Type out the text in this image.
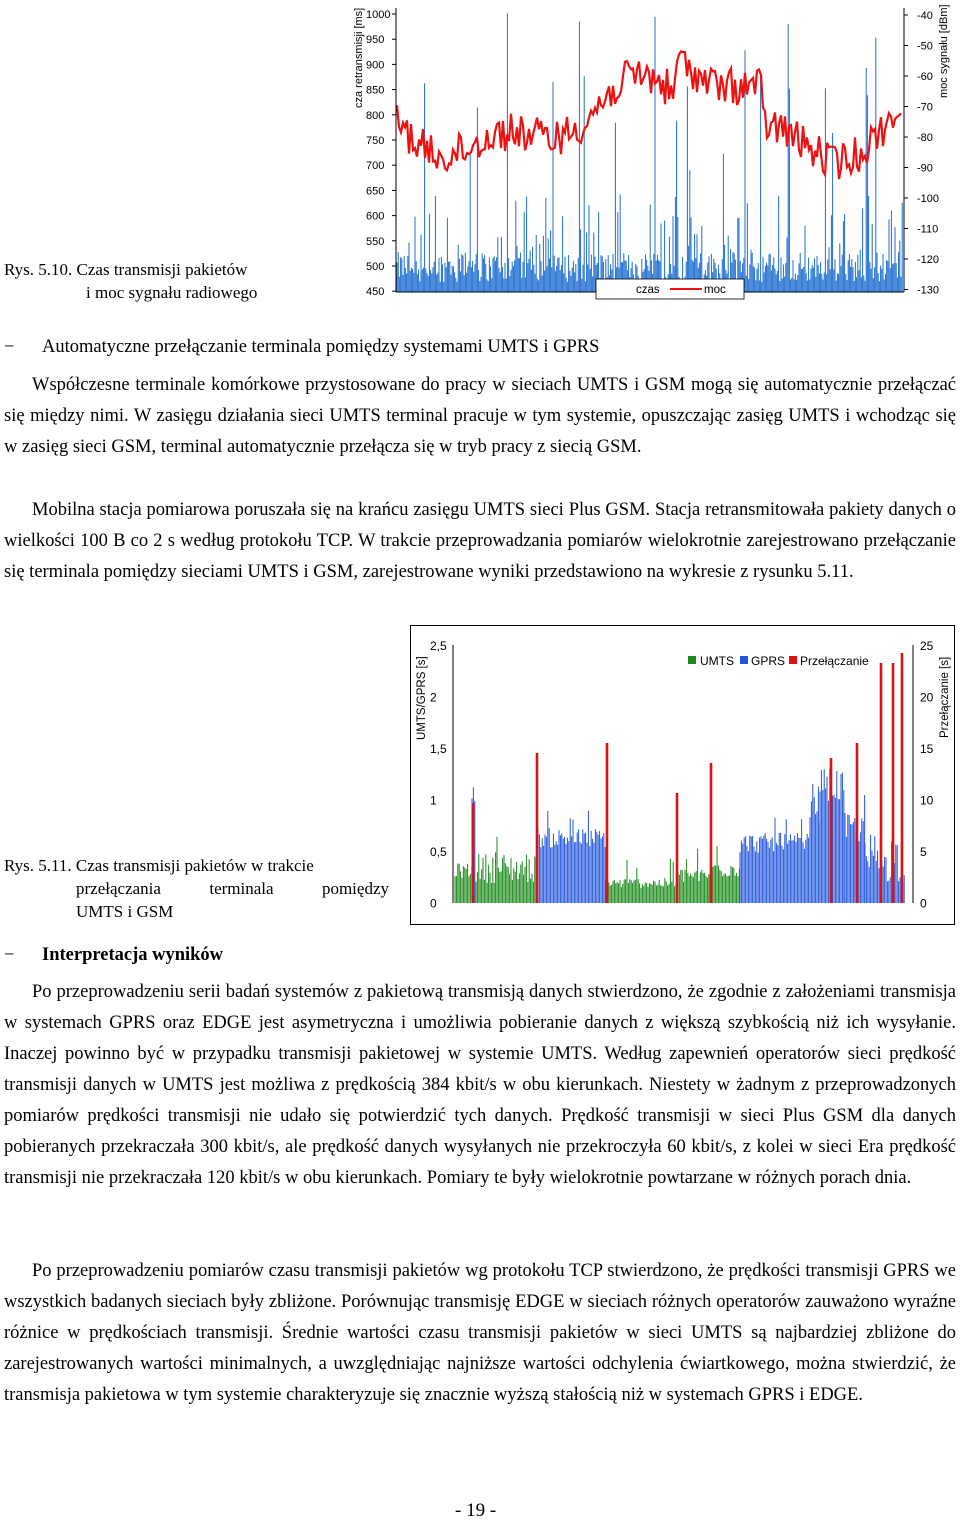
Rys. 5.10. Czas transmisji pakietów
i moc sygnału radiowego
cza retransmisji [ms] 1000
950
900
850
800
750
700
650
600
550
500
450
-40
-50
-60
-70
-80
-90
-100
-110
-120
-130
moc sygnału [dBm]
czas	moc
− Automatyczne przełączanie terminala pomiędzy systemami UMTS i GPRS
Współczesne terminale komórkowe przystosowane do pracy w sieciach UMTS i GSM mogą się automatycznie przełączać się między nimi. W zasięgu działania sieci UMTS terminal pracuje w tym systemie, opuszczając zasięg UMTS i wchodząc się w zasięg sieci GSM, terminal automatycznie przełącza się w tryb pracy z siecią GSM.
Mobilna stacja pomiarowa poruszała się na krańcu zasięgu UMTS sieci Plus GSM. Stacja retransmitowała pakiety danych o wielkości 100 B co 2 s według protokołu TCP. W trakcie przeprowadzania pomiarów wielokrotnie zarejestrowano przełączanie się terminala pomiędzy sieciami UMTS i GSM, zarejestrowane wyniki przedstawiono na wykresie z rysunku 5.11.
Rys. 5.11. Czas transmisji pakietów w trakcie
przełączania terminala pomiędzy
UMTS i GSM
UMTS/GPRS [s]	Przełączanie [s]
2,5
2
1,5
1
0,5
0
25
20
15
10
5
0
UMTS GPRS Przełączanie
− Interpretacja wyników
Po przeprowadzeniu serii badań systemów z pakietową transmisją danych stwierdzono, że zgodnie z założeniami transmisja w systemach GPRS oraz EDGE jest asymetryczna i umożliwia pobieranie danych z większą szybkością niż ich wysyłanie. Inaczej powinno być w przypadku transmisji pakietowej w systemie UMTS. Według zapewnień operatorów sieci prędkość transmisji danych w UMTS jest możliwa z prędkością 384 kbit/s w obu kierunkach. Niestety w żadnym z przeprowadzonych pomiarów prędkości transmisji nie udało się potwierdzić tych danych. Prędkość transmisji w sieci Plus GSM dla danych pobieranych przekraczała 300 kbit/s, ale prędkość danych wysyłanych nie przekroczyła 60 kbit/s, z kolei w sieci Era prędkość transmisji nie przekraczała 120 kbit/s w obu kierunkach. Pomiary te były wielokrotnie powtarzane w różnych porach dnia.
Po przeprowadzeniu pomiarów czasu transmisji pakietów wg protokołu TCP stwierdzono, że prędkości transmisji GPRS we wszystkich badanych sieciach były zbliżone. Porównując transmisję EDGE w sieciach różnych operatorów zauważono wyraźne różnice w prędkościach transmisji. Średnie wartości czasu transmisji pakietów w sieci UMTS są najbardziej zbliżone do zarejestrowanych wartości minimalnych, a uwzględniając najniższe wartości odchylenia ćwiartkowego, można stwierdzić, że transmisja pakietowa w tym systemie charakteryzuje się znacznie wyższą stałością niż w systemach GPRS i EDGE.
- 19 -
